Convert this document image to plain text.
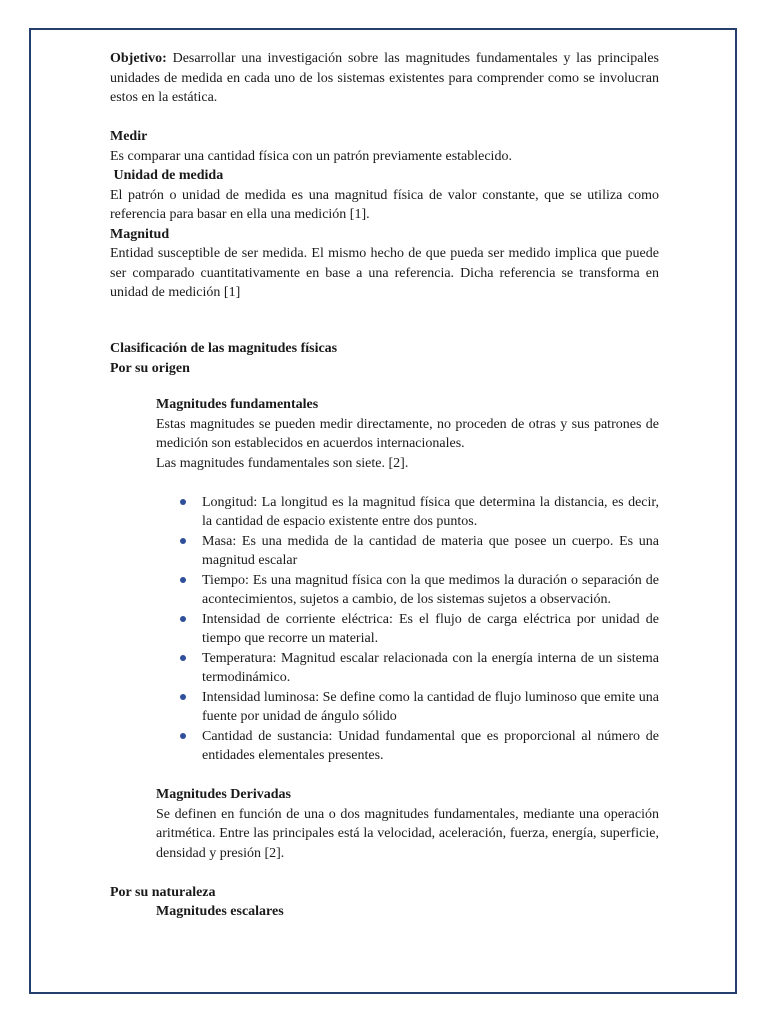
Objetivo: Desarrollar una investigación sobre las magnitudes fundamentales y las principales unidades de medida en cada uno de los sistemas existentes para comprender como se involucran estos en la estática.

Medir

Es comparar una cantidad física con un patrón previamente establecido.

Unidad de medida

El patrón o unidad de medida es una magnitud física de valor constante, que se utiliza como referencia para basar en ella una medición [1].

Magnitud

Entidad susceptible de ser medida. El mismo hecho de que pueda ser medido implica que puede ser comparado cuantitativamente en base a una referencia. Dicha referencia se transforma en unidad de medición [1]

Clasificación de las magnitudes físicas

Por su origen

Magnitudes fundamentales

Estas magnitudes se pueden medir directamente, no proceden de otras y sus patrones de medición son establecidos en acuerdos internacionales.

Las magnitudes fundamentales son siete. [2].

Longitud: La longitud es la magnitud física que determina la distancia, es decir, la cantidad de espacio existente entre dos puntos.
Masa: Es una medida de la cantidad de materia que posee un cuerpo. Es una magnitud escalar
Tiempo: Es una magnitud física con la que medimos la duración o separación de acontecimientos, sujetos a cambio, de los sistemas sujetos a observación.
Intensidad de corriente eléctrica: Es el flujo de carga eléctrica por unidad de tiempo que recorre un material.
Temperatura: Magnitud escalar relacionada con la energía interna de un sistema termodinámico.
Intensidad luminosa: Se define como la cantidad de flujo luminoso que emite una fuente por unidad de ángulo sólido
Cantidad de sustancia: Unidad fundamental que es proporcional al número de entidades elementales presentes.

Magnitudes Derivadas

Se definen en función de una o dos magnitudes fundamentales, mediante una operación aritmética. Entre las principales está la velocidad, aceleración, fuerza, energía, superficie, densidad y presión [2].

Por su naturaleza

Magnitudes escalares
